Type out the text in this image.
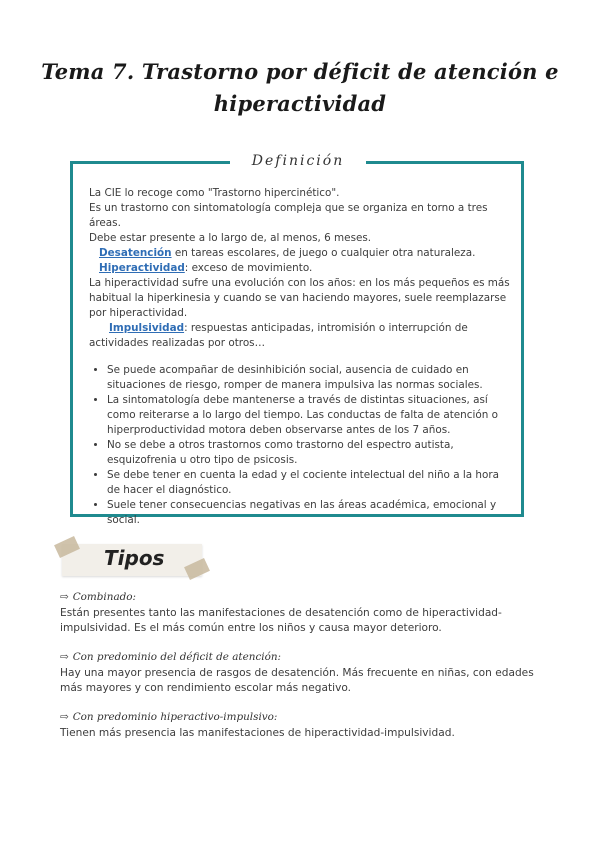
Tema 7. Trastorno por déficit de atención e
hiperactividad
Definición

La CIE lo recoge como "Trastorno hipercinético".

Es un trastorno con sintomatología compleja que se organiza en torno a tres áreas.

Debe estar presente a lo largo de, al menos, 6 meses.

Desatención en tareas escolares, de juego o cualquier otra naturaleza.

Hiperactividad: exceso de movimiento.

La hiperactividad sufre una evolución con los años: en los más pequeños es más habitual la hiperkinesia y cuando se van haciendo mayores, suele reemplazarse por hiperactividad.

Impulsividad: respuestas anticipadas, intromisión o interrupción de actividades realizadas por otros…

• Se puede acompañar de desinhibición social, ausencia de cuidado en situaciones de riesgo, romper de manera impulsiva las normas sociales.
• La sintomatología debe mantenerse a través de distintas situaciones, así como reiterarse a lo largo del tiempo. Las conductas de falta de atención o hiperproductividad motora deben observarse antes de los 7 años.
• No se debe a otros trastornos como trastorno del espectro autista, esquizofrenia u otro tipo de psicosis.
• Se debe tener en cuenta la edad y el cociente intelectual del niño a la hora de hacer el diagnóstico.
• Suele tener consecuencias negativas en las áreas académica, emocional y social.
Tipos
⇨ Combinado:
Están presentes tanto las manifestaciones de desatención como de hiperactividad-impulsividad. Es el más común entre los niños y causa mayor deterioro.
⇨ Con predominio del déficit de atención:
Hay una mayor presencia de rasgos de desatención. Más frecuente en niñas, con edades más mayores y con rendimiento escolar más negativo.
⇨ Con predominio hiperactivo-impulsivo:
Tienen más presencia las manifestaciones de hiperactividad-impulsividad.
